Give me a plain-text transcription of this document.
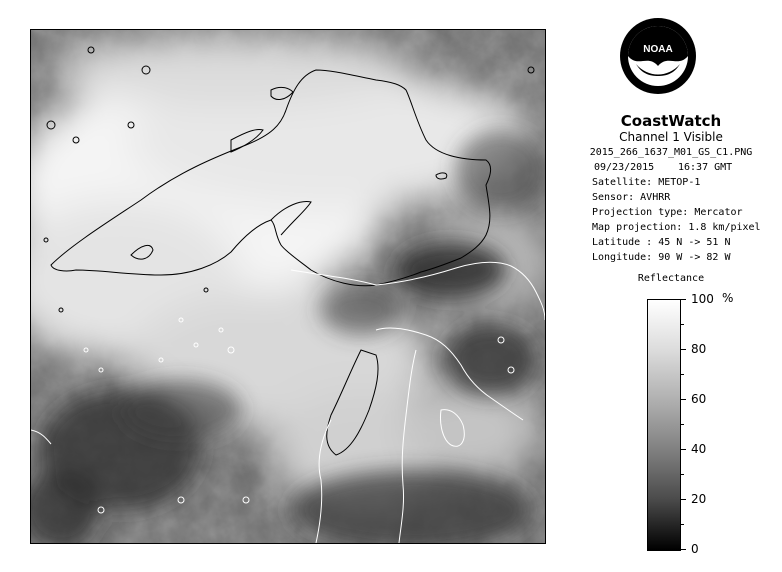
NOAA
CoastWatch
Channel 1 Visible
2015_266_1637_M01_GS_C1.PNG
09/23/2015 16:37 GMT
Satellite: METOP-1
Sensor: AVHRR
Projection type: Mercator
Map projection: 1.8 km/pixel
Latitude : 45 N -> 51 N
Longitude: 90 W -> 82 W
Reflectance
%
100
80
60
40
20
0
